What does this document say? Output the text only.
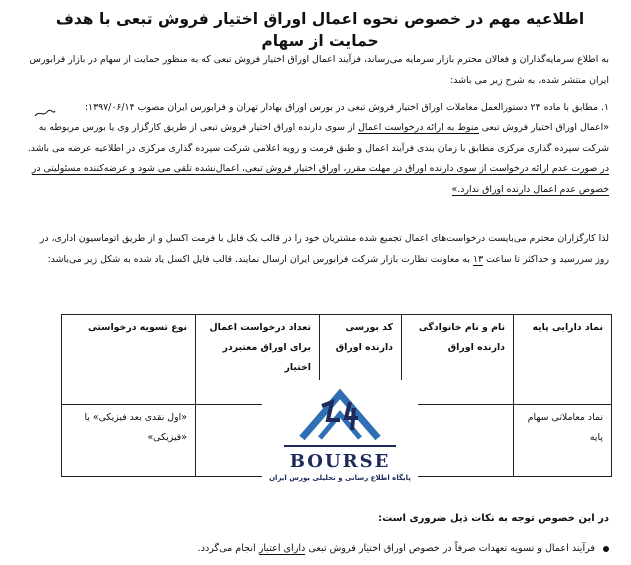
اطلاعیه مهم در خصوص نحوه اعمال اوراق اختیار فروش تبعی با هدف حمایت از سهام
به اطلاع سرمایه‌گذاران و فعالان محترم بازار سرمایه می‌رساند، فرآیند اعمال اوراق اختیار فروش تبعی که به منظور حمایت از سهام در بازار فرابورس ایران منتشر شده، به شرح زیر می باشد:
۱. مطابق با ماده ۲۴ دستورالعمل معاملات اوراق اختیار فروش تبعی در بورس اوراق بهادار تهران و فرابورس ایران مصوب ۱۳۹۷/۰۶/۱۴:
«اعمال اوراق اختیار فروش تبعی منوط به ارائه درخواست اعمال از سوی دارنده اوراق اختیار فروش تبعی از طریق کارگزار وی یا بورس مربوطه به شرکت سپرده گذاری مرکزی مطابق با زمان بندی فرآیند اعمال و طبق فرمت و رویه اعلامی شرکت سپرده گذاری مرکزی در اطلاعیه عرضه می باشد. در صورت عدم ارائه درخواست از سوی دارنده اوراق در مهلت مقرر، اوراق اختیار فروش تبعی، اعمال‌نشده تلقی می شود و عرضه‌کننده مسئولیتی در خصوص عدم اعمال دارنده اوراق ندارد.»
لذا کارگزاران محترم می‌بایست درخواست‌های اعمال تجمیع شده مشتریان خود را در قالب یک فایل با فرمت اکسل و از طریق اتوماسیون اداری، در روز سررسید و حداکثر تا ساعت ۱۳ به معاونت نظارت بازار شرکت فرابورس ایران ارسال نمایند. قالب فایل اکسل یاد شده به شکل زیر می‌باشد:
نماد دارایی پایه	نام و نام خانوادگی دارنده اوراق	کد بورسی دارنده اوراق	تعداد درخواست اعمال برای اوراق معتبردر اختیار	نوع تسویه درخواستی
نماد معاملاتی سهام پایه				«اول نقدی بعد فیزیکی» یا «فیزیکی»
BOURSE
پایگاه اطلاع رسانی و تحلیلی بورس ایران
در این خصوص توجه به نکات ذیل ضروری است:
فرآیند اعمال و تسویه تعهدات صرفاً در خصوص اوراق اختیار فروش تبعی دارای اعتبار انجام می‌گردد.
